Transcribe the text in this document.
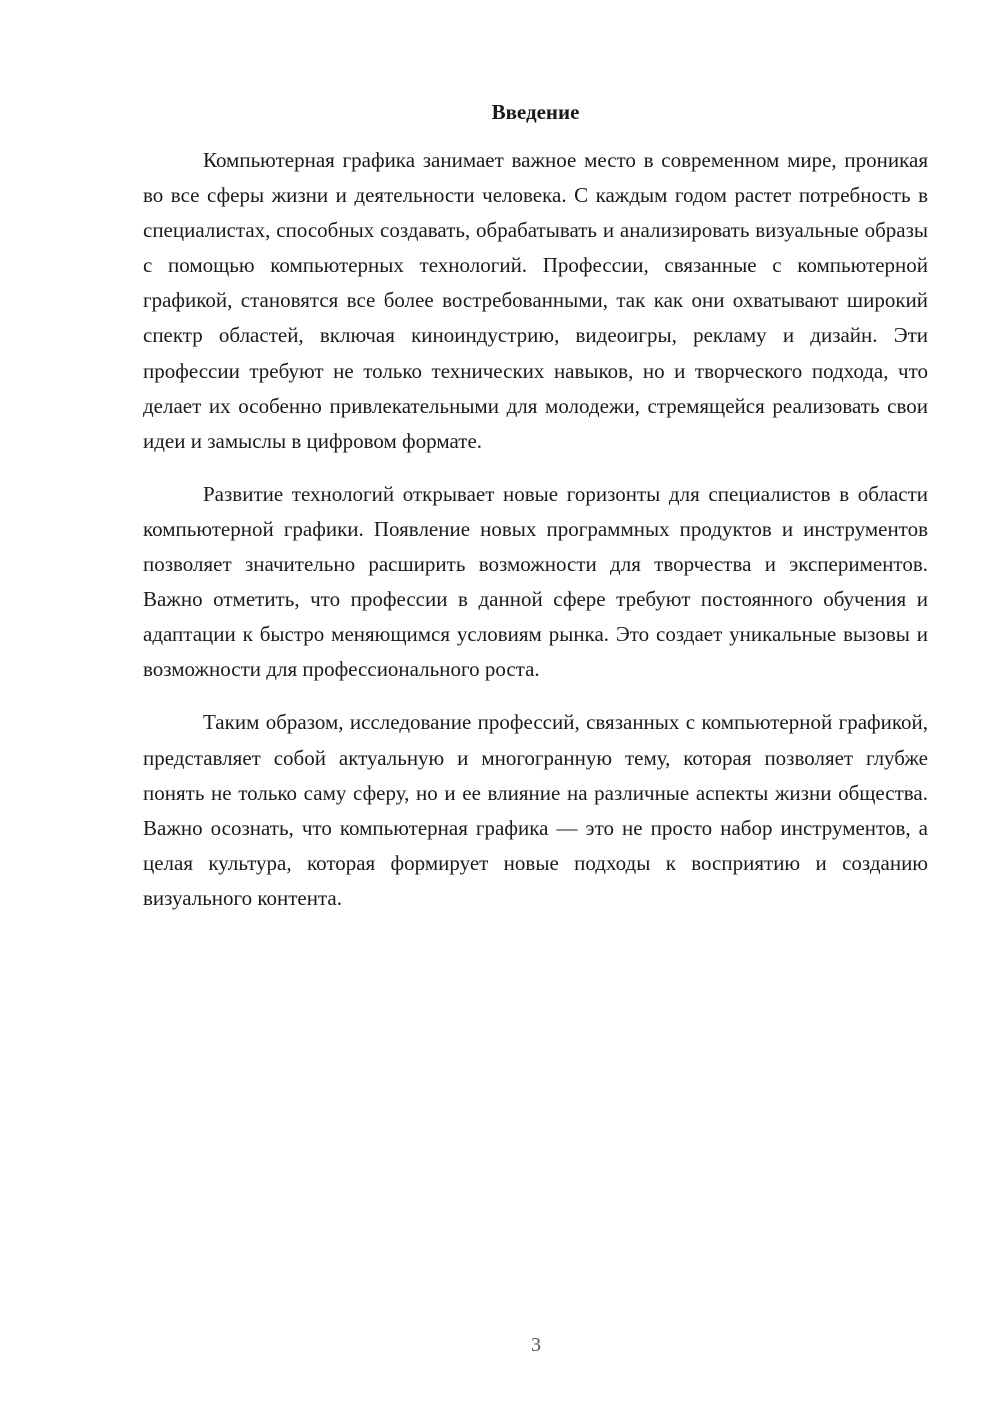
Введение

Компьютерная графика занимает важное место в современном мире, проникая во все сферы жизни и деятельности человека. С каждым годом растет потребность в специалистах, способных создавать, обрабатывать и анализировать визуальные образы с помощью компьютерных технологий. Профессии, связанные с компьютерной графикой, становятся все более востребованными, так как они охватывают широкий спектр областей, включая киноиндустрию, видеоигры, рекламу и дизайн. Эти профессии требуют не только технических навыков, но и творческого подхода, что делает их особенно привлекательными для молодежи, стремящейся реализовать свои идеи и замыслы в цифровом формате.

Развитие технологий открывает новые горизонты для специалистов в области компьютерной графики. Появление новых программных продуктов и инструментов позволяет значительно расширить возможности для творчества и экспериментов. Важно отметить, что профессии в данной сфере требуют постоянного обучения и адаптации к быстро меняющимся условиям рынка. Это создает уникальные вызовы и возможности для профессионального роста.

Таким образом, исследование профессий, связанных с компьютерной графикой, представляет собой актуальную и многогранную тему, которая позволяет глубже понять не только саму сферу, но и ее влияние на различные аспекты жизни общества. Важно осознать, что компьютерная графика — это не просто набор инструментов, а целая культура, которая формирует новые подходы к восприятию и созданию визуального контента.

3
